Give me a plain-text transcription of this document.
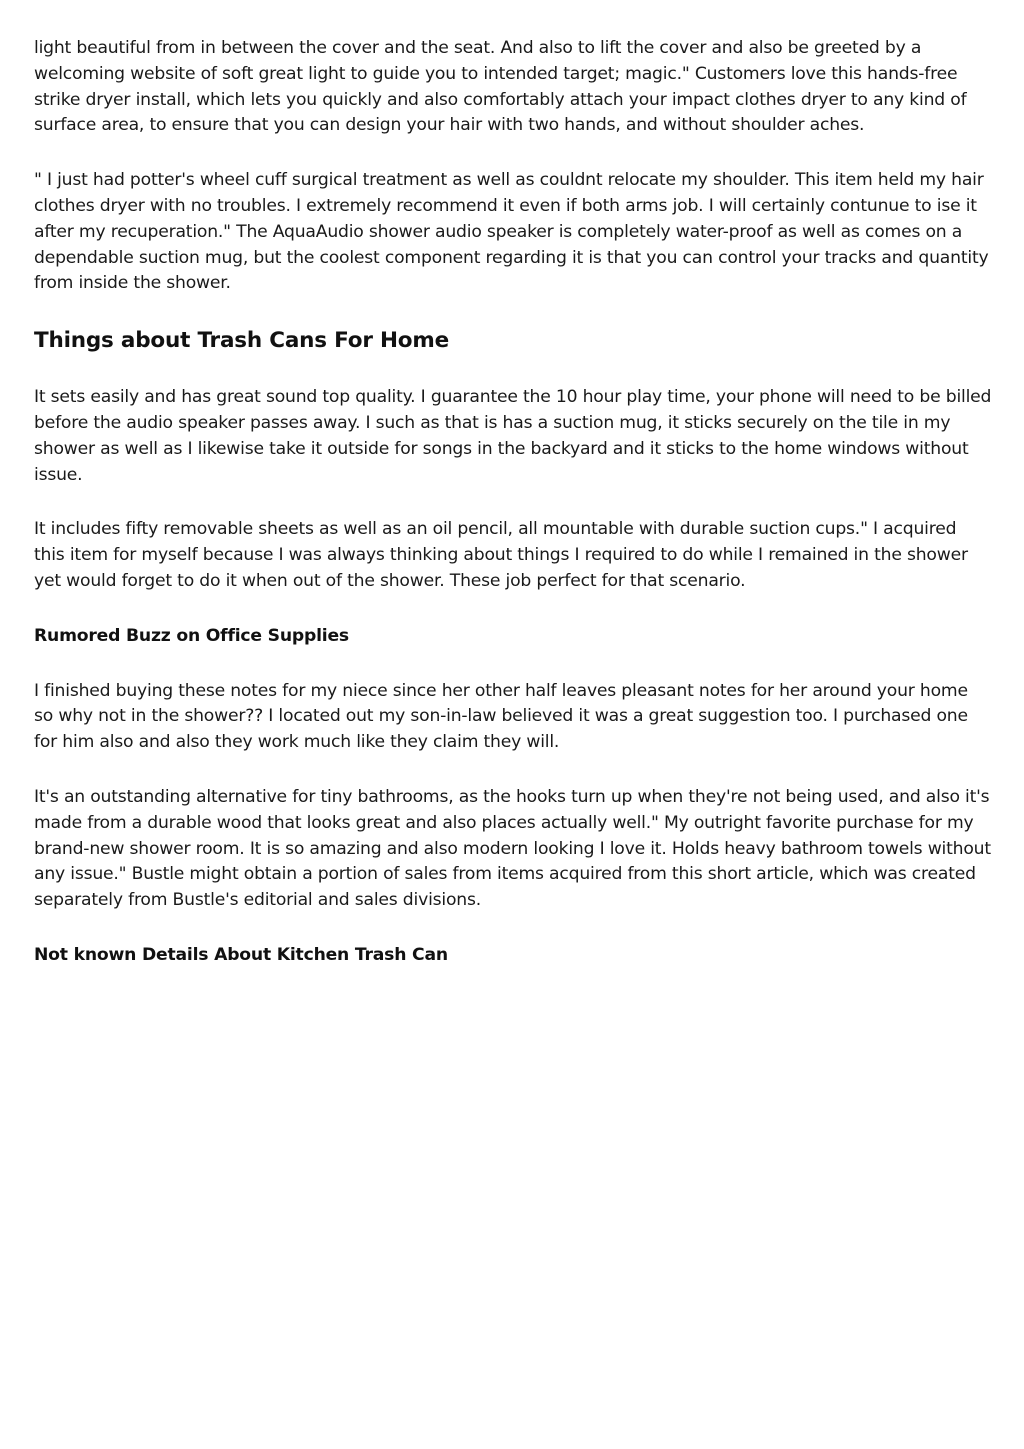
light beautiful from in between the cover and the seat. And also to lift the cover and also be greeted by a welcoming website of soft great light to guide you to intended target; magic." Customers love this hands-free strike dryer install, which lets you quickly and also comfortably attach your impact clothes dryer to any kind of surface area, to ensure that you can design your hair with two hands, and without shoulder aches.

" I just had potter's wheel cuff surgical treatment as well as couldnt relocate my shoulder. This item held my hair clothes dryer with no troubles. I extremely recommend it even if both arms job. I will certainly contunue to ise it after my recuperation." The AquaAudio shower audio speaker is completely water-proof as well as comes on a dependable suction mug, but the coolest component regarding it is that you can control your tracks and quantity from inside the shower.

Things about Trash Cans For Home

It sets easily and has great sound top quality. I guarantee the 10 hour play time, your phone will need to be billed before the audio speaker passes away. I such as that is has a suction mug, it sticks securely on the tile in my shower as well as I likewise take it outside for songs in the backyard and it sticks to the home windows without issue.

It includes fifty removable sheets as well as an oil pencil, all mountable with durable suction cups." I acquired this item for myself because I was always thinking about things I required to do while I remained in the shower yet would forget to do it when out of the shower. These job perfect for that scenario.

Rumored Buzz on Office Supplies

I finished buying these notes for my niece since her other half leaves pleasant notes for her around your home so why not in the shower?? I located out my son-in-law believed it was a great suggestion too. I purchased one for him also and also they work much like they claim they will.

It's an outstanding alternative for tiny bathrooms, as the hooks turn up when they're not being used, and also it's made from a durable wood that looks great and also places actually well." My outright favorite purchase for my brand-new shower room. It is so amazing and also modern looking I love it. Holds heavy bathroom towels without any issue." Bustle might obtain a portion of sales from items acquired from this short article, which was created separately from Bustle's editorial and sales divisions.

Not known Details About Kitchen Trash Can
